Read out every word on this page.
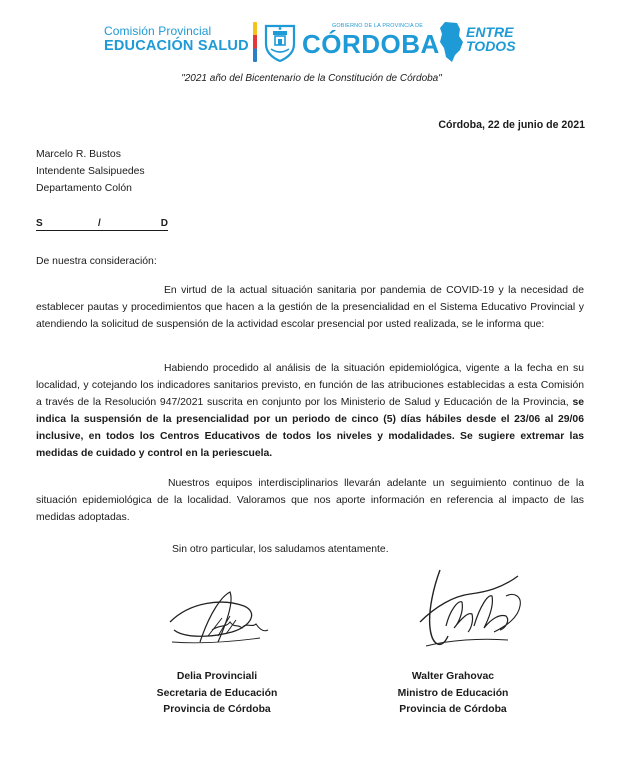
Comisión Provincial
EDUCACIÓN SALUD
GOBIERNO DE LA PROVINCIA DE
CÓRDOBA ENTRE
TODOS
"2021 año del Bicentenario de la Constitución de Córdoba"
Córdoba, 22 de junio de 2021
Marcelo R. Bustos
Intendente Salsipuedes
Departamento Colón
S	/	D
De nuestra consideración:
En virtud de la actual situación sanitaria por pandemia de COVID-19 y la necesidad de establecer pautas y procedimientos que hacen a la gestión de la presencialidad en el Sistema Educativo Provincial y atendiendo la solicitud de suspensión de la actividad escolar presencial por usted realizada, se le informa que:
Habiendo procedido al análisis de la situación epidemiológica, vigente a la fecha en su localidad, y cotejando los indicadores sanitarios previsto, en función de las atribuciones establecidas a esta Comisión a través de la Resolución 947/2021 suscrita en conjunto por los Ministerio de Salud y Educación de la Provincia, se indica la suspensión de la presencialidad por un periodo de cinco (5) días hábiles desde el 23/06 al 29/06 inclusive, en todos los Centros Educativos de todos los niveles y modalidades. Se sugiere extremar las medidas de cuidado y control en la periescuela.
Nuestros equipos interdisciplinarios llevarán adelante un seguimiento continuo de la situación epidemiológica de la localidad. Valoramos que nos aporte información en referencia al impacto de las medidas adoptadas.
Sin otro particular, los saludamos atentamente.
Delia Provinciali
Secretaria de Educación
Provincia de Córdoba
Walter Grahovac
Ministro de Educación
Provincia de Córdoba
